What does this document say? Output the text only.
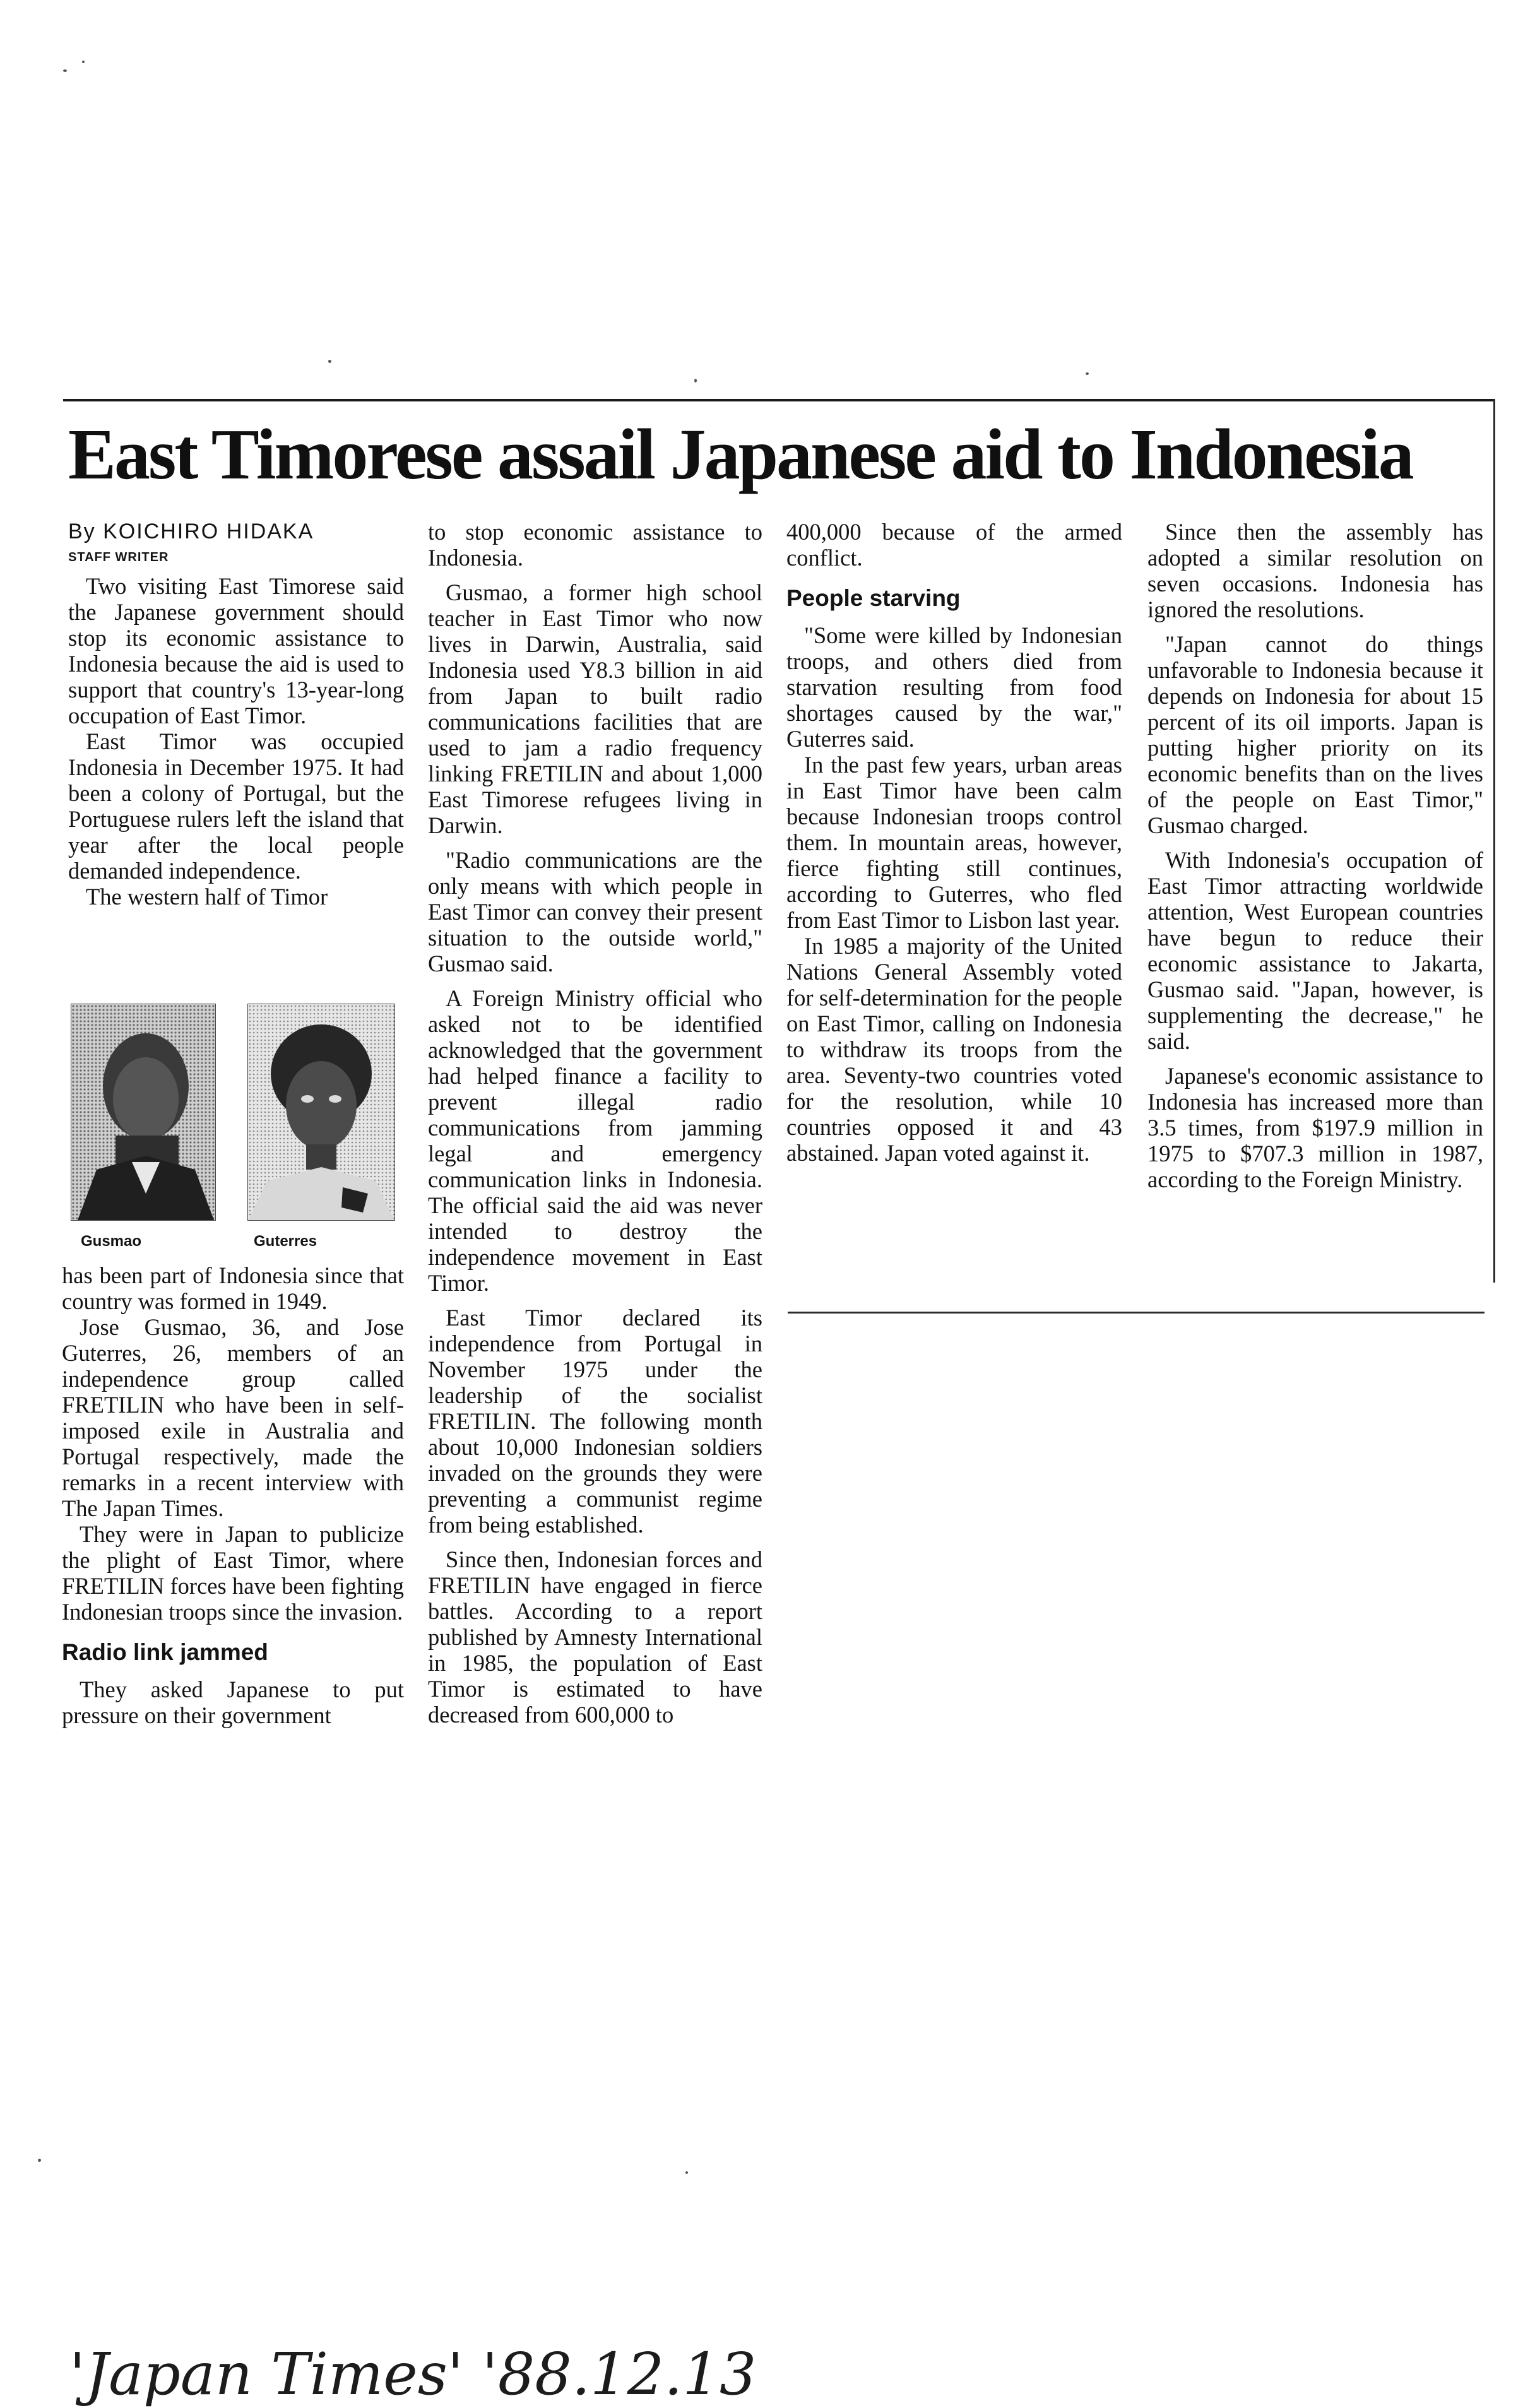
East Timorese assail Japanese aid to Indonesia

By KOICHIRO HIDAKA

STAFF WRITER

Two visiting East Timorese said the Japanese government should stop its economic assistance to Indonesia because the aid is used to support that country's 13-year-long occupation of East Timor.

East Timor was occupied Indonesia in December 1975. It had been a colony of Portugal, but the Portuguese rulers left the island that year after the local people demanded independence.

The western half of Timor

Gusmao	Guterres

has been part of Indonesia since that country was formed in 1949.

Jose Gusmao, 36, and Jose Guterres, 26, members of an independence group called FRETILIN who have been in self-imposed exile in Australia and Portugal respectively, made the remarks in a recent interview with The Japan Times.

They were in Japan to publicize the plight of East Timor, where FRETILIN forces have been fighting Indonesian troops since the invasion.

Radio link jammed

They asked Japanese to put pressure on their government

to stop economic assistance to Indonesia.

Gusmao, a former high school teacher in East Timor who now lives in Darwin, Australia, said Indonesia used Y8.3 billion in aid from Japan to built radio communications facilities that are used to jam a radio frequency linking FRETILIN and about 1,000 East Timorese refugees living in Darwin.

"Radio communications are the only means with which people in East Timor can convey their present situation to the outside world," Gusmao said.

A Foreign Ministry official who asked not to be identified acknowledged that the government had helped finance a facility to prevent illegal radio communications from jamming legal and emergency communication links in Indonesia. The official said the aid was never intended to destroy the independence movement in East Timor.

East Timor declared its independence from Portugal in November 1975 under the leadership of the socialist FRETILIN. The following month about 10,000 Indonesian soldiers invaded on the grounds they were preventing a communist regime from being established.

Since then, Indonesian forces and FRETILIN have engaged in fierce battles. According to a report published by Amnesty International in 1985, the population of East Timor is estimated to have decreased from 600,000 to

400,000 because of the armed conflict.

People starving

"Some were killed by Indonesian troops, and others died from starvation resulting from food shortages caused by the war," Guterres said.

In the past few years, urban areas in East Timor have been calm because Indonesian troops control them. In mountain areas, however, fierce fighting still continues, according to Guterres, who fled from East Timor to Lisbon last year.

In 1985 a majority of the United Nations General Assembly voted for self-determination for the people on East Timor, calling on Indonesia to withdraw its troops from the area. Seventy-two countries voted for the resolution, while 10 countries opposed it and 43 abstained. Japan voted against it.

Since then the assembly has adopted a similar resolution on seven occasions. Indonesia has ignored the resolutions.

"Japan cannot do things unfavorable to Indonesia because it depends on Indonesia for about 15 percent of its oil imports. Japan is putting higher priority on its economic benefits than on the lives of the people on East Timor," Gusmao charged.

With Indonesia's occupation of East Timor attracting worldwide attention, West European countries have begun to reduce their economic assistance to Jakarta, Gusmao said. "Japan, however, is supplementing the decrease," he said.

Japanese's economic assistance to Indonesia has increased more than 3.5 times, from $197.9 million in 1975 to $707.3 million in 1987, according to the Foreign Ministry.

'Japan Times' '88.12.13
